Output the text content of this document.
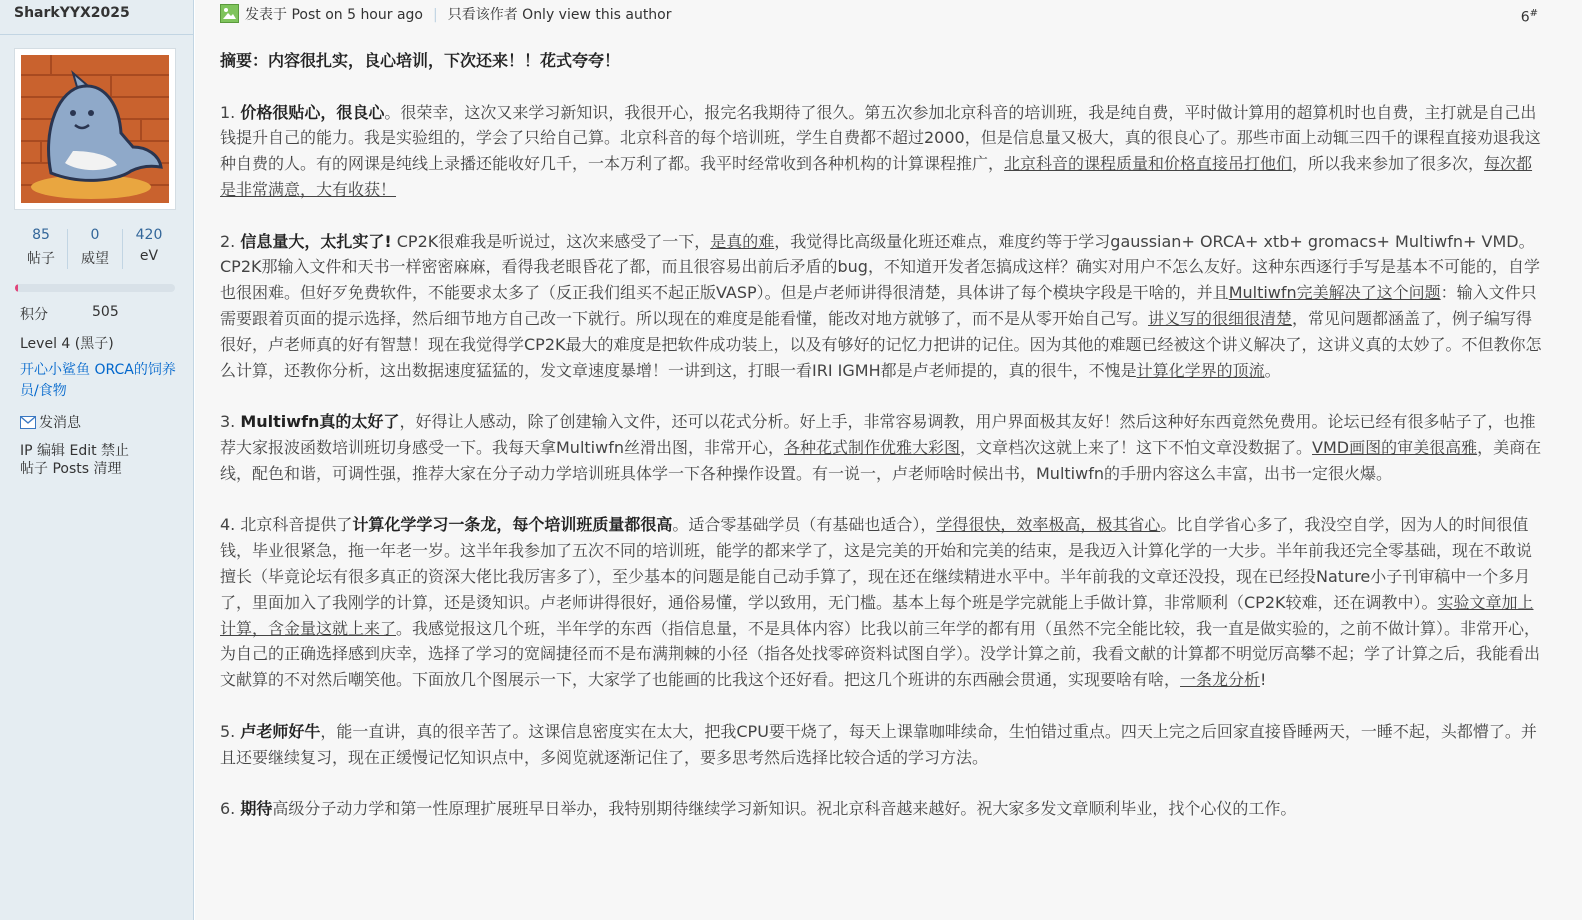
SharkYYX2025
85
帖子
0
威望
420
eV
积分	505
Level 4 (黑子)
开心小鲨鱼 ORCA的饲养员/食物
发消息
IP 编辑 Edit 禁止
帖子 Posts 清理
发表于 Post on 5 hour ago | 只看该作者 Only view this author	6#

摘要：内容很扎实，良心培训，下次还来！！花式夸夸！

1. 价格很贴心，很良心。很荣幸，这次又来学习新知识，我很开心，报完名我期待了很久。第五次参加北京科音的培训班，我是纯自费，平时做计算用的超算机时也自费，主打就是自己出钱提升自己的能力。我是实验组的，学会了只给自己算。北京科音的每个培训班，学生自费都不超过2000，但是信息量又极大，真的很良心了。那些市面上动辄三四千的课程直接劝退我这种自费的人。有的网课是纯线上录播还能收好几千，一本万利了都。我平时经常收到各种机构的计算课程推广，北京科音的课程质量和价格直接吊打他们，所以我来参加了很多次，每次都是非常满意，大有收获！

2. 信息量大，太扎实了! CP2K很难我是听说过，这次来感受了一下，是真的难，我觉得比高级量化班还难点，难度约等于学习gaussian+ ORCA+ xtb+ gromacs+ Multiwfn+ VMD。CP2K那输入文件和天书一样密密麻麻，看得我老眼昏花了都，而且很容易出前后矛盾的bug，不知道开发者怎搞成这样？确实对用户不怎么友好。这种东西逐行手写是基本不可能的，自学也很困难。但好歹免费软件，不能要求太多了（反正我们组买不起正版VASP）。但是卢老师讲得很清楚，具体讲了每个模块字段是干啥的，并且Multiwfn完美解决了这个问题：输入文件只需要跟着页面的提示选择，然后细节地方自己改一下就行。所以现在的难度是能看懂，能改对地方就够了，而不是从零开始自己写。讲义写的很细很清楚，常见问题都涵盖了，例子编写得很好，卢老师真的好有智慧！现在我觉得学CP2K最大的难度是把软件成功装上，以及有够好的记忆力把讲的记住。因为其他的难题已经被这个讲义解决了，这讲义真的太妙了。不但教你怎么计算，还教你分析，这出数据速度猛猛的，发文章速度暴增！一讲到这，打眼一看IRI IGMH都是卢老师提的，真的很牛，不愧是计算化学界的顶流。

3. Multiwfn真的太好了，好得让人感动，除了创建输入文件，还可以花式分析。好上手，非常容易调教，用户界面极其友好！然后这种好东西竟然免费用。论坛已经有很多帖子了，也推荐大家报波函数培训班切身感受一下。我每天拿Multiwfn丝滑出图，非常开心，各种花式制作优雅大彩图，文章档次这就上来了！这下不怕文章没数据了。VMD画图的审美很高雅，美商在线，配色和谐，可调性强，推荐大家在分子动力学培训班具体学一下各种操作设置。有一说一，卢老师啥时候出书，Multiwfn的手册内容这么丰富，出书一定很火爆。

4. 北京科音提供了计算化学学习一条龙，每个培训班质量都很高。适合零基础学员（有基础也适合），学得很快，效率极高，极其省心。比自学省心多了，我没空自学，因为人的时间很值钱，毕业很紧急，拖一年老一岁。这半年我参加了五次不同的培训班，能学的都来学了，这是完美的开始和完美的结束，是我迈入计算化学的一大步。半年前我还完全零基础，现在不敢说擅长（毕竟论坛有很多真正的资深大佬比我厉害多了），至少基本的问题是能自己动手算了，现在还在继续精进水平中。半年前我的文章还没投，现在已经投Nature小子刊审稿中一个多月了，里面加入了我刚学的计算，还是烫知识。卢老师讲得很好，通俗易懂，学以致用，无门槛。基本上每个班是学完就能上手做计算，非常顺利（CP2K较难，还在调教中）。实验文章加上计算，含金量这就上来了。我感觉报这几个班，半年学的东西（指信息量，不是具体内容）比我以前三年学的都有用（虽然不完全能比较，我一直是做实验的，之前不做计算）。非常开心，为自己的正确选择感到庆幸，选择了学习的宽阔捷径而不是布满荆棘的小径（指各处找零碎资料试图自学）。没学计算之前，我看文献的计算都不明觉厉高攀不起；学了计算之后，我能看出文献算的不对然后嘲笑他。下面放几个图展示一下，大家学了也能画的比我这个还好看。把这几个班讲的东西融会贯通，实现要啥有啥，一条龙分析!

5. 卢老师好牛，能一直讲，真的很辛苦了。这课信息密度实在太大，把我CPU要干烧了，每天上课靠咖啡续命，生怕错过重点。四天上完之后回家直接昏睡两天，一睡不起，头都懵了。并且还要继续复习，现在正缓慢记忆知识点中，多阅览就逐渐记住了，要多思考然后选择比较合适的学习方法。

6. 期待高级分子动力学和第一性原理扩展班早日举办，我特别期待继续学习新知识。祝北京科音越来越好。祝大家多发文章顺利毕业，找个心仪的工作。
